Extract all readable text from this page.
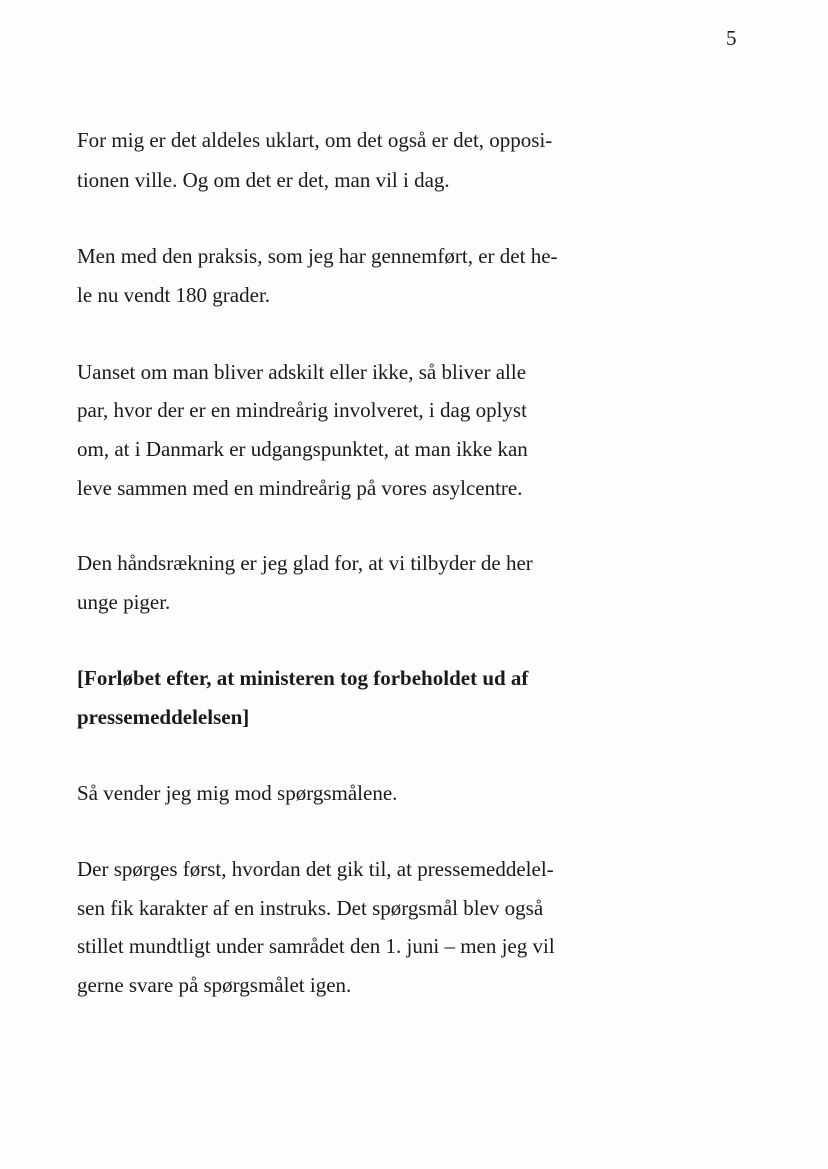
5
For mig er det aldeles uklart, om det også er det, opposi-
tionen ville. Og om det er det, man vil i dag.
Men med den praksis, som jeg har gennemført, er det he-
le nu vendt 180 grader.
Uanset om man bliver adskilt eller ikke, så bliver alle
par, hvor der er en mindreårig involveret, i dag oplyst
om, at i Danmark er udgangspunktet, at man ikke kan
leve sammen med en mindreårig på vores asylcentre.
Den håndsrækning er jeg glad for, at vi tilbyder de her
unge piger.
[Forløbet efter, at ministeren tog forbeholdet ud af
pressemeddelelsen]
Så vender jeg mig mod spørgsmålene.
Der spørges først, hvordan det gik til, at pressemeddelel-
sen fik karakter af en instruks. Det spørgsmål blev også
stillet mundtligt under samrådet den 1. juni – men jeg vil
gerne svare på spørgsmålet igen.
